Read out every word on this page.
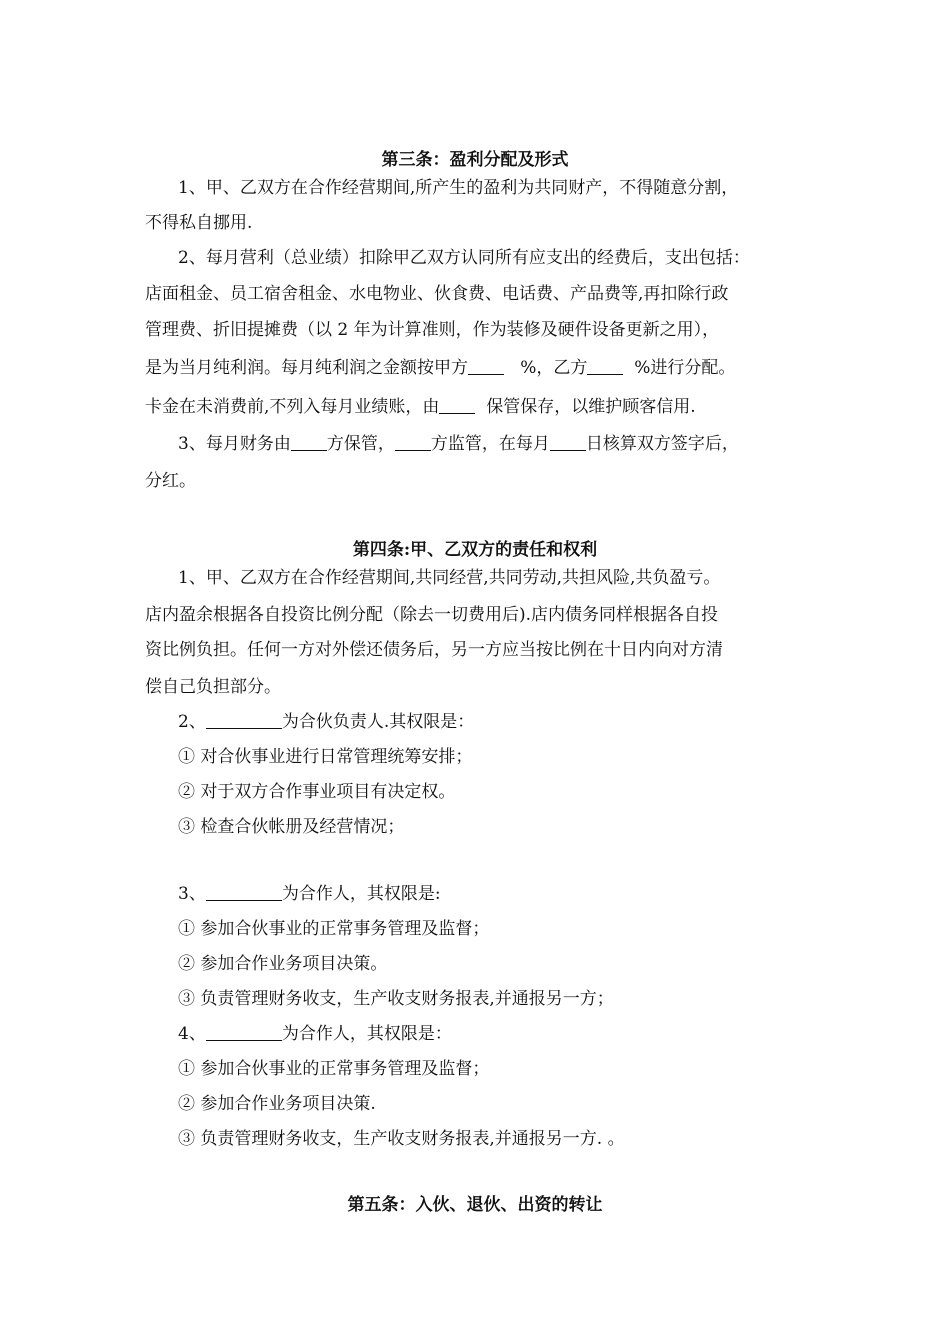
第三条：盈利分配及形式
1、甲、乙双方在合作经营期间,所产生的盈利为共同财产，不得随意分割，
不得私自挪用.
2、每月营利（总业绩）扣除甲乙双方认同所有应支出的经费后，支出包括：
店面租金、员工宿舍租金、水电物业、伙食费、电话费、产品费等,再扣除行政
管理费、折旧提摊费（以 2 年为计算准则，作为装修及硬件设备更新之用），
是为当月纯利润。每月纯利润之金额按甲方	%，乙方	%进行分配。
卡金在未消费前,不列入每月业绩账，由	保管保存，以维护顾客信用.
3、每月财务由 方保管， 方监管，在每月 日核算双方签字后，
分红。
第四条:甲、乙双方的责任和权利
1、甲、乙双方在合作经营期间,共同经营,共同劳动,共担风险,共负盈亏。
店内盈余根据各自投资比例分配（除去一切费用后).店内债务同样根据各自投
资比例负担。任何一方对外偿还债务后，另一方应当按比例在十日内向对方清
偿自己负担部分。
2、	为合伙负责人.其权限是：
① 对合伙事业进行日常管理统筹安排；
② 对于双方合作事业项目有决定权。
③ 检查合伙帐册及经营情况；
3、	为合作人，其权限是:
① 参加合伙事业的正常事务管理及监督；
② 参加合作业务项目决策。
③ 负责管理财务收支，生产收支财务报表,并通报另一方；
4、	为合作人，其权限是：
① 参加合伙事业的正常事务管理及监督；
② 参加合作业务项目决策.
③ 负责管理财务收支，生产收支财务报表,并通报另一方. 。
第五条：入伙、退伙、出资的转让
